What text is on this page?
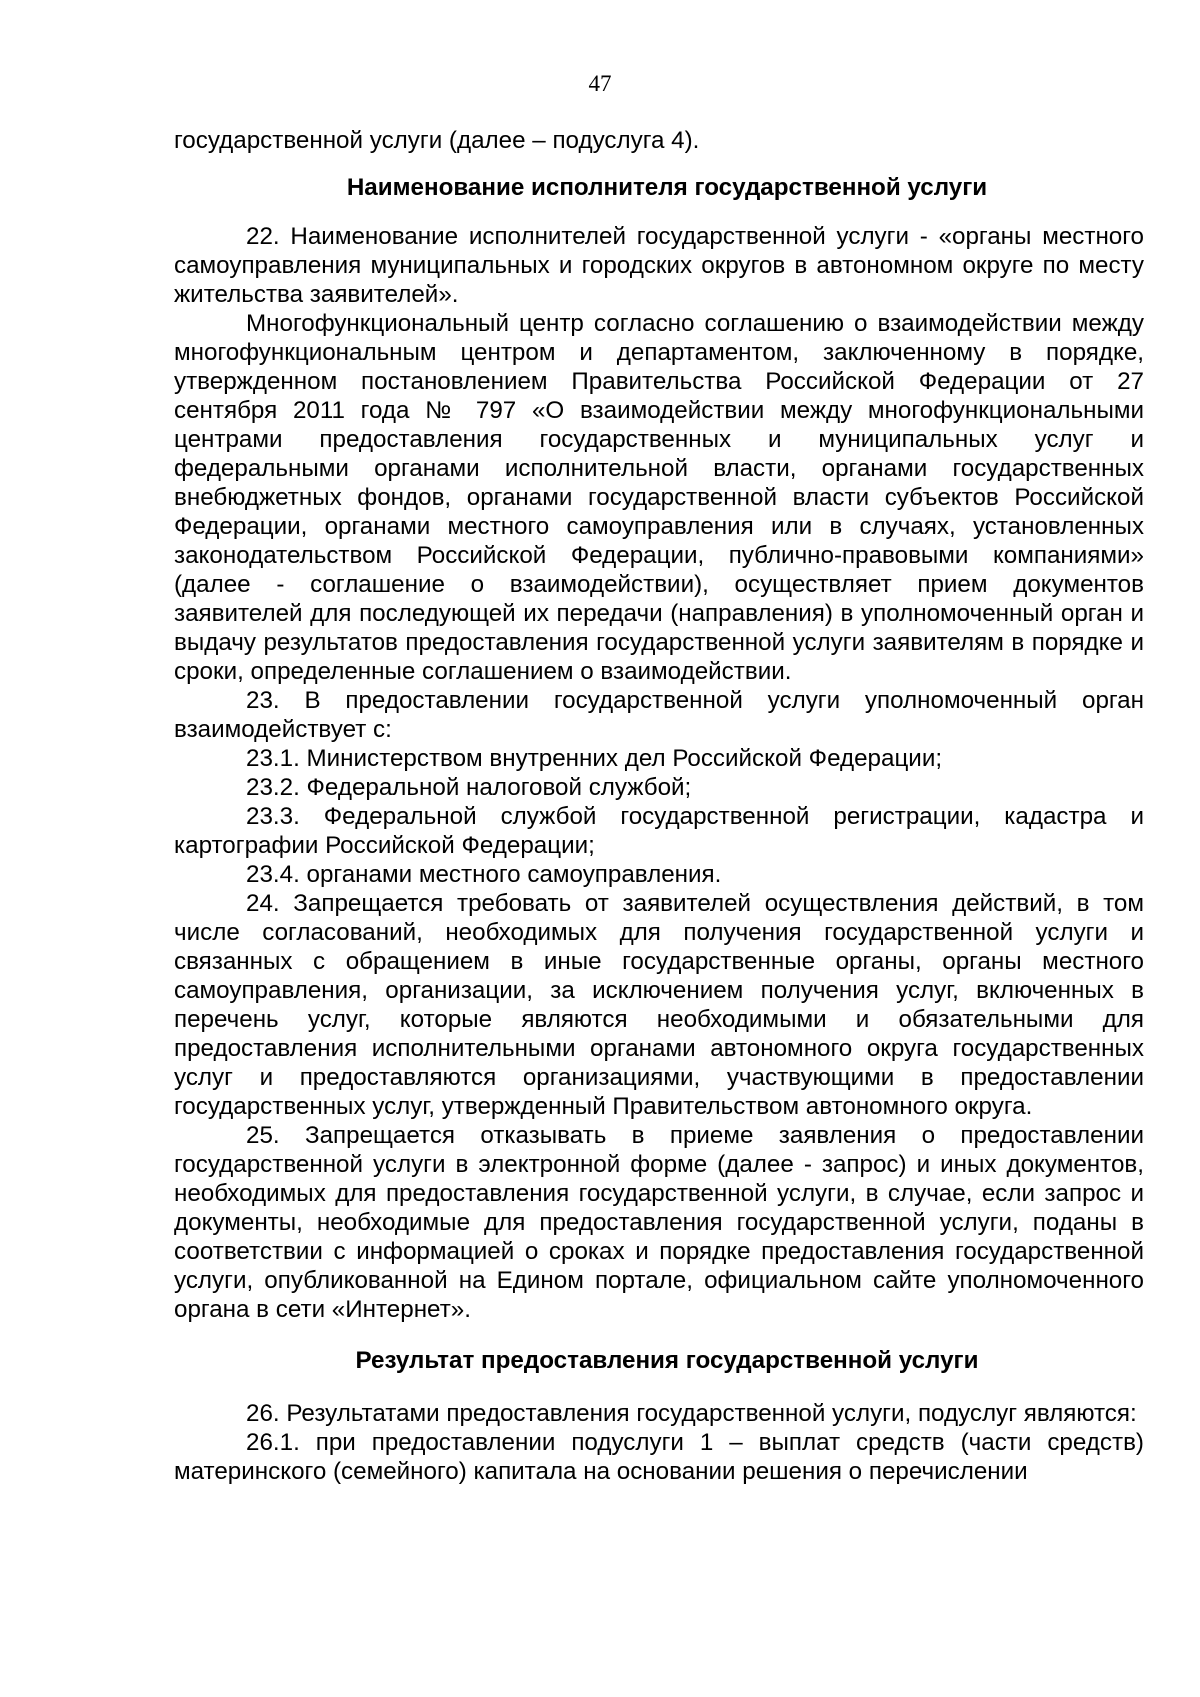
47

государственной услуги (далее – подуслуга 4).

Наименование исполнителя государственной услуги

22. Наименование исполнителей государственной услуги - «органы местного самоуправления муниципальных и городских округов в автономном округе по месту жительства заявителей».

Многофункциональный центр согласно соглашению о взаимодействии между многофункциональным центром и департаментом, заключенному в порядке, утвержденном постановлением Правительства Российской Федерации от 27 сентября 2011 года № 797 «О взаимодействии между многофункциональными центрами предоставления государственных и муниципальных услуг и федеральными органами исполнительной власти, органами государственных внебюджетных фондов, органами государственной власти субъектов Российской Федерации, органами местного самоуправления или в случаях, установленных законодательством Российской Федерации, публично-правовыми компаниями» (далее - соглашение о взаимодействии), осуществляет прием документов заявителей для последующей их передачи (направления) в уполномоченный орган и выдачу результатов предоставления государственной услуги заявителям в порядке и сроки, определенные соглашением о взаимодействии.

23. В предоставлении государственной услуги уполномоченный орган взаимодействует с:

23.1. Министерством внутренних дел Российской Федерации;

23.2. Федеральной налоговой службой;

23.3. Федеральной службой государственной регистрации, кадастра и картографии Российской Федерации;

23.4. органами местного самоуправления.

24. Запрещается требовать от заявителей осуществления действий, в том числе согласований, необходимых для получения государственной услуги и связанных с обращением в иные государственные органы, органы местного самоуправления, организации, за исключением получения услуг, включенных в перечень услуг, которые являются необходимыми и обязательными для предоставления исполнительными органами автономного округа государственных услуг и предоставляются организациями, участвующими в предоставлении государственных услуг, утвержденный Правительством автономного округа.

25. Запрещается отказывать в приеме заявления о предоставлении государственной услуги в электронной форме (далее - запрос) и иных документов, необходимых для предоставления государственной услуги, в случае, если запрос и документы, необходимые для предоставления государственной услуги, поданы в соответствии с информацией о сроках и порядке предоставления государственной услуги, опубликованной на Едином портале, официальном сайте уполномоченного органа в сети «Интернет».

Результат предоставления государственной услуги

26. Результатами предоставления государственной услуги, подуслуг являются:

26.1. при предоставлении подуслуги 1 – выплат средств (части средств) материнского (семейного) капитала на основании решения о перечислении
